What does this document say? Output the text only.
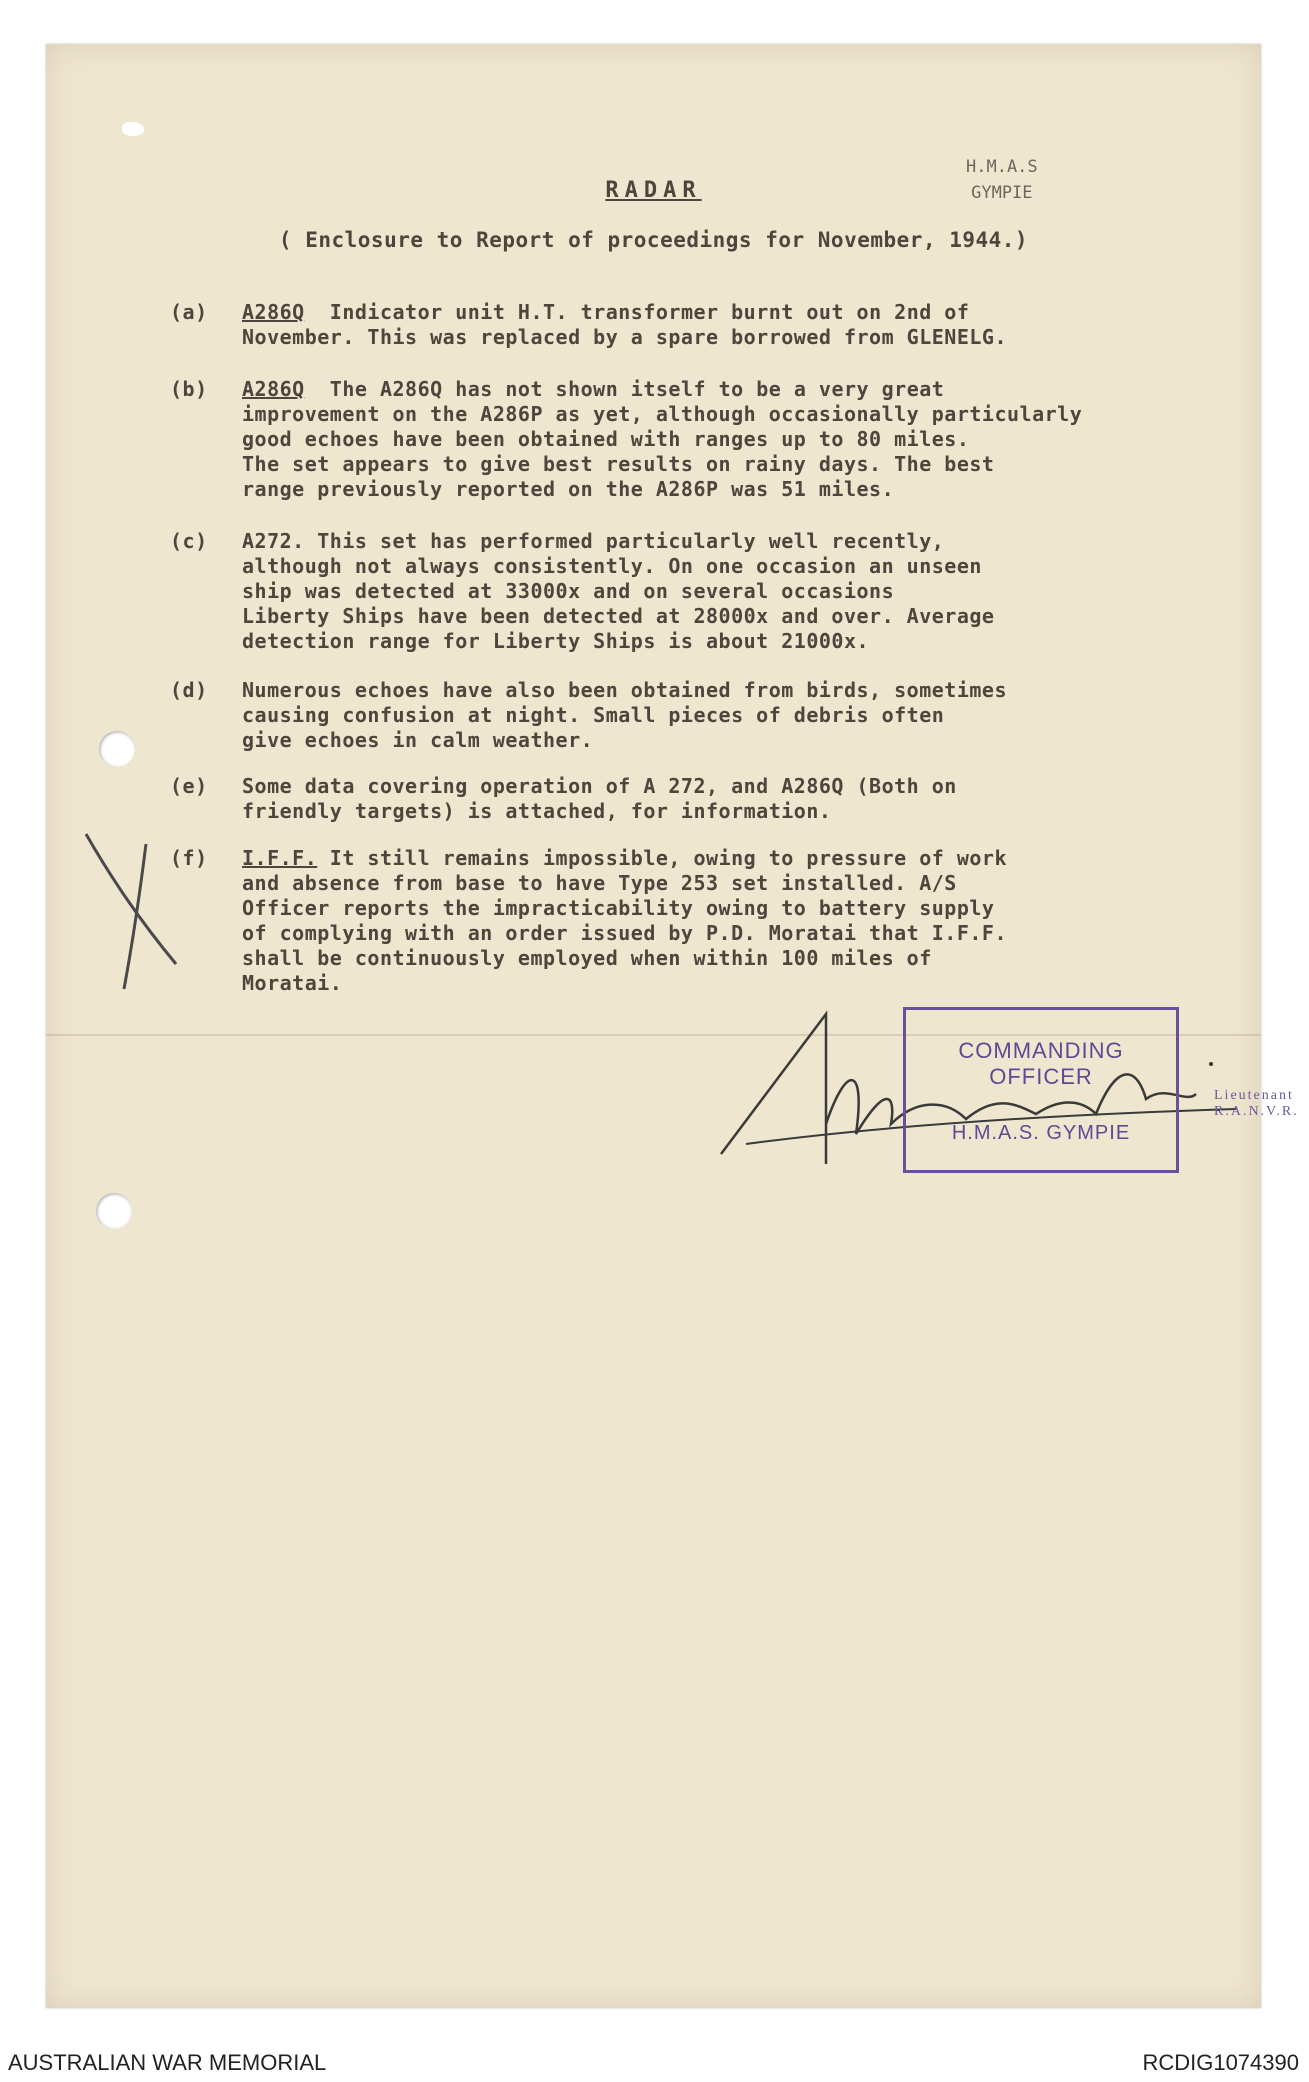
RADAR
H.M.A.S
GYMPIE
( Enclosure to Report of proceedings for November, 1944.)
(a)	A286Q  Indicator unit H.T. transformer burnt out on 2nd of
November. This was replaced by a spare borrowed from GLENELG.
(b)	A286Q  The A286Q has not shown itself to be a very great
improvement on the A286P as yet, although occasionally particularly
good echoes have been obtained with ranges up to 80 miles.
The set appears to give best results on rainy days. The best
range previously reported on the A286P was 51 miles.
(c)	A272. This set has performed particularly well recently,
although not always consistently. On one occasion an unseen
ship was detected at 33000x and on several occasions
Liberty Ships have been detected at 28000x and over. Average
detection range for Liberty Ships is about 21000x.
(d)	Numerous echoes have also been obtained from birds, sometimes
causing confusion at night. Small pieces of debris often
give echoes in calm weather.
(e)	Some data covering operation of A 272, and A286Q (Both on
friendly targets) is attached, for information.
(f)	I.F.F. It still remains impossible, owing to pressure of work
and absence from base to have Type 253 set installed. A/S
Officer reports the impracticability owing to battery supply
of complying with an order issued by P.D. Moratai that I.F.F.
shall be continuously employed when within 100 miles of
Moratai.
COMMANDING OFFICER
H.M.A.S. GYMPIE
Lieutenant R.A.N.V.R.
AUSTRALIAN WAR MEMORIAL	RCDIG1074390
